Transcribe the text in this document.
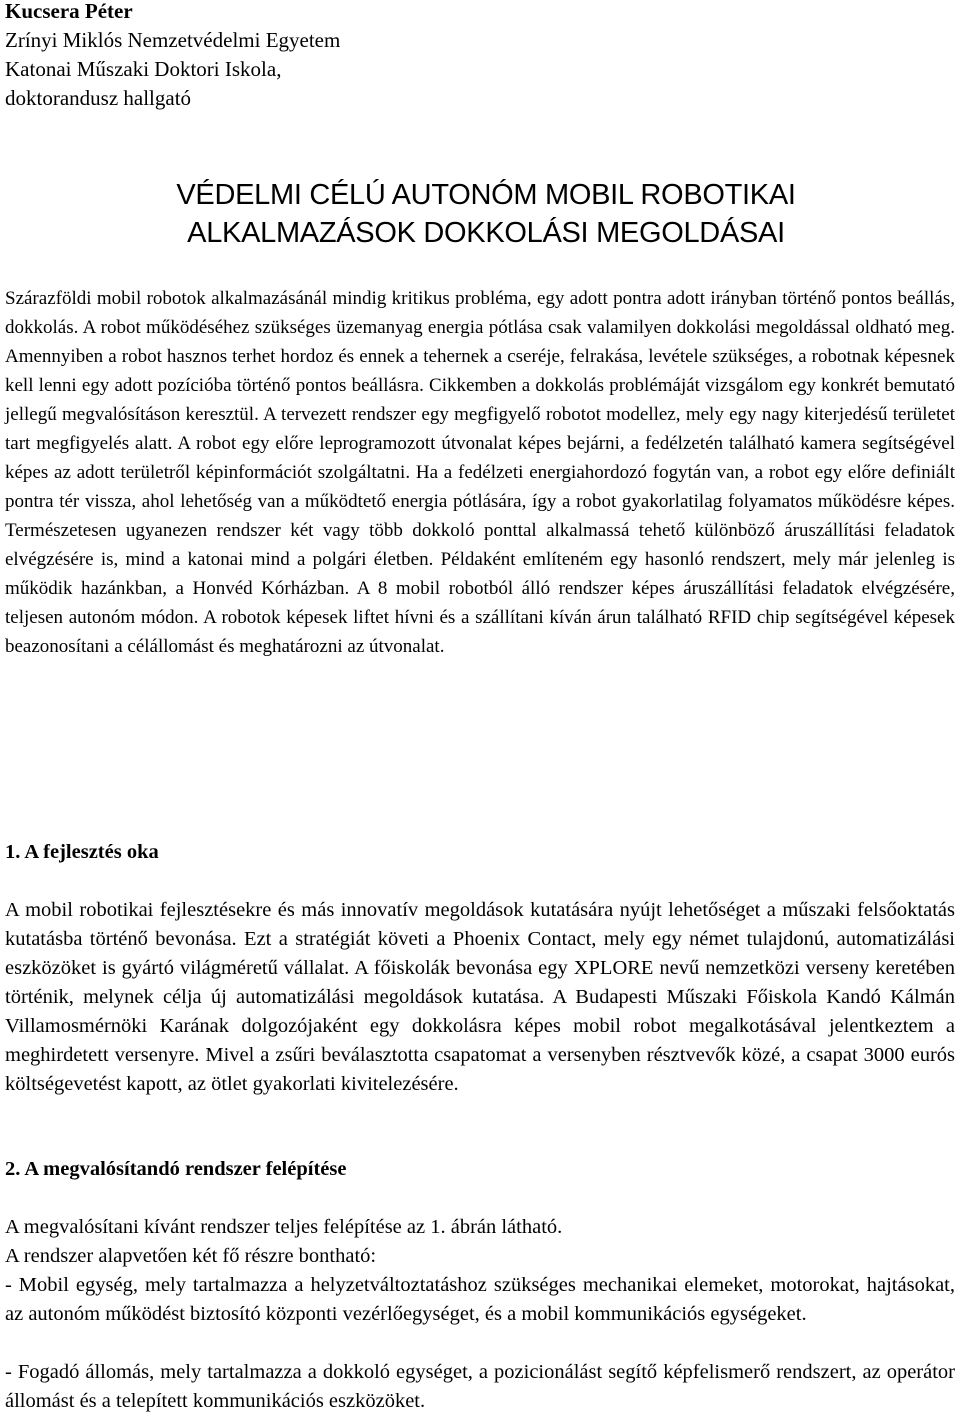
Kucsera Péter
Zrínyi Miklós Nemzetvédelmi Egyetem
Katonai Műszaki Doktori Iskola,
doktorandusz hallgató
VÉDELMI CÉLÚ AUTONÓM MOBIL ROBOTIKAI
ALKALMAZÁSOK DOKKOLÁSI MEGOLDÁSAI

Szárazföldi mobil robotok alkalmazásánál mindig kritikus probléma, egy adott pontra adott irányban történő pontos beállás, dokkolás. A robot működéséhez szükséges üzemanyag energia pótlása csak valamilyen dokkolási megoldással oldható meg. Amennyiben a robot hasznos terhet hordoz és ennek a tehernek a cseréje, felrakása, levétele szükséges, a robotnak képesnek kell lenni egy adott pozícióba történő pontos beállásra. Cikkemben a dokkolás problémáját vizsgálom egy konkrét bemutató jellegű megvalósításon keresztül. A tervezett rendszer egy megfigyelő robotot modellez, mely egy nagy kiterjedésű területet tart megfigyelés alatt. A robot egy előre leprogramozott útvonalat képes bejárni, a fedélzetén található kamera segítségével képes az adott területről képinformációt szolgáltatni. Ha a fedélzeti energiahordozó fogytán van, a robot egy előre definiált pontra tér vissza, ahol lehetőség van a működtető energia pótlására, így a robot gyakorlatilag folyamatos működésre képes. Természetesen ugyanezen rendszer két vagy több dokkoló ponttal alkalmassá tehető különböző áruszállítási feladatok elvégzésére is, mind a katonai mind a polgári életben. Példaként említeném egy hasonló rendszert, mely már jelenleg is működik hazánkban, a Honvéd Kórházban. A 8 mobil robotból álló rendszer képes áruszállítási feladatok elvégzésére, teljesen autonóm módon. A robotok képesek liftet hívni és a szállítani kíván árun található RFID chip segítségével képesek beazonosítani a célállomást és meghatározni az útvonalat.

1. A fejlesztés oka

A mobil robotikai fejlesztésekre és más innovatív megoldások kutatására nyújt lehetőséget a műszaki felsőoktatás kutatásba történő bevonása. Ezt a stratégiát követi a Phoenix Contact, mely egy német tulajdonú, automatizálási eszközöket is gyártó világméretű vállalat. A főiskolák bevonása egy XPLORE nevű nemzetközi verseny keretében történik, melynek célja új automatizálási megoldások kutatása. A Budapesti Műszaki Főiskola Kandó Kálmán Villamosmérnöki Karának dolgozójaként egy dokkolásra képes mobil robot megalkotásával jelentkeztem a meghirdetett versenyre. Mivel a zsűri beválasztotta csapatomat a versenyben résztvevők közé, a csapat 3000 eurós költségevetést kapott, az ötlet gyakorlati kivitelezésére.

2. A megvalósítandó rendszer felépítése

A megvalósítani kívánt rendszer teljes felépítése az 1. ábrán látható.

A rendszer alapvetően két fő részre bontható:

- Mobil egység, mely tartalmazza a helyzetváltoztatáshoz szükséges mechanikai elemeket, motorokat, hajtásokat, az autonóm működést biztosító központi vezérlőegységet, és a mobil kommunikációs egységeket.

- Fogadó állomás, mely tartalmazza a dokkoló egységet, a pozicionálást segítő képfelismerő rendszert, az operátor állomást és a telepített kommunikációs eszközöket.
